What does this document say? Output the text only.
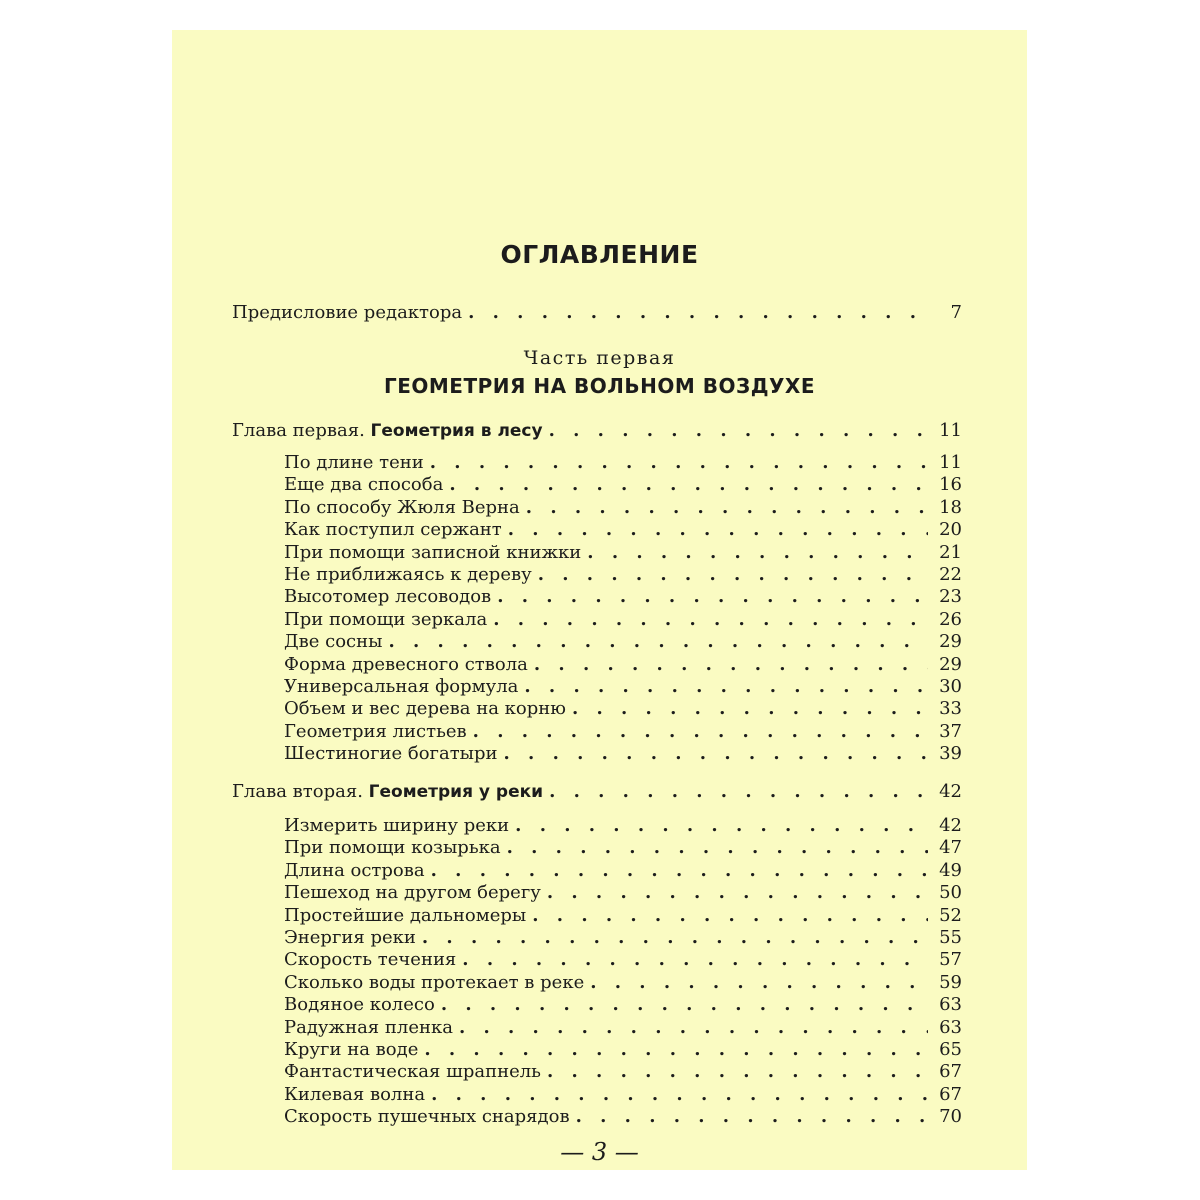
ОГЛАВЛЕНИЕ
Предисловие редактора . . .	7
Часть первая
ГЕОМЕТРИЯ НА ВОЛЬНОМ ВОЗДУХЕ
Глава первая. Геометрия в лесу . . .	11
По длине тени . . .	11
Еще два способа . . .	16
По способу Жюля Верна . . .	18
Как поступил сержант . . .	20
При помощи записной книжки . . .	21
Не приближаясь к дереву . . .	22
Высотомер лесоводов . . .	23
При помощи зеркала . . .	26
Две сосны . . .	29
Форма древесного ствола . . .	29
Универсальная формула . . .	30
Объем и вес дерева на корню . . .	33
Геометрия листьев . . .	37
Шестиногие богатыри . . .	39
Глава вторая. Геометрия у реки . . .	42
Измерить ширину реки . . .	42
При помощи козырька . . .	47
Длина острова . . .	49
Пешеход на другом берегу . . .	50
Простейшие дальномеры . . .	52
Энергия реки . . .	55
Скорость течения . . .	57
Сколько воды протекает в реке . . .	59
Водяное колесо . . .	63
Радужная пленка . . .	63
Круги на воде . . .	65
Фантастическая шрапнель . . .	67
Килевая волна . . .	67
Скорость пушечных снарядов . . .	70
— 3 —
